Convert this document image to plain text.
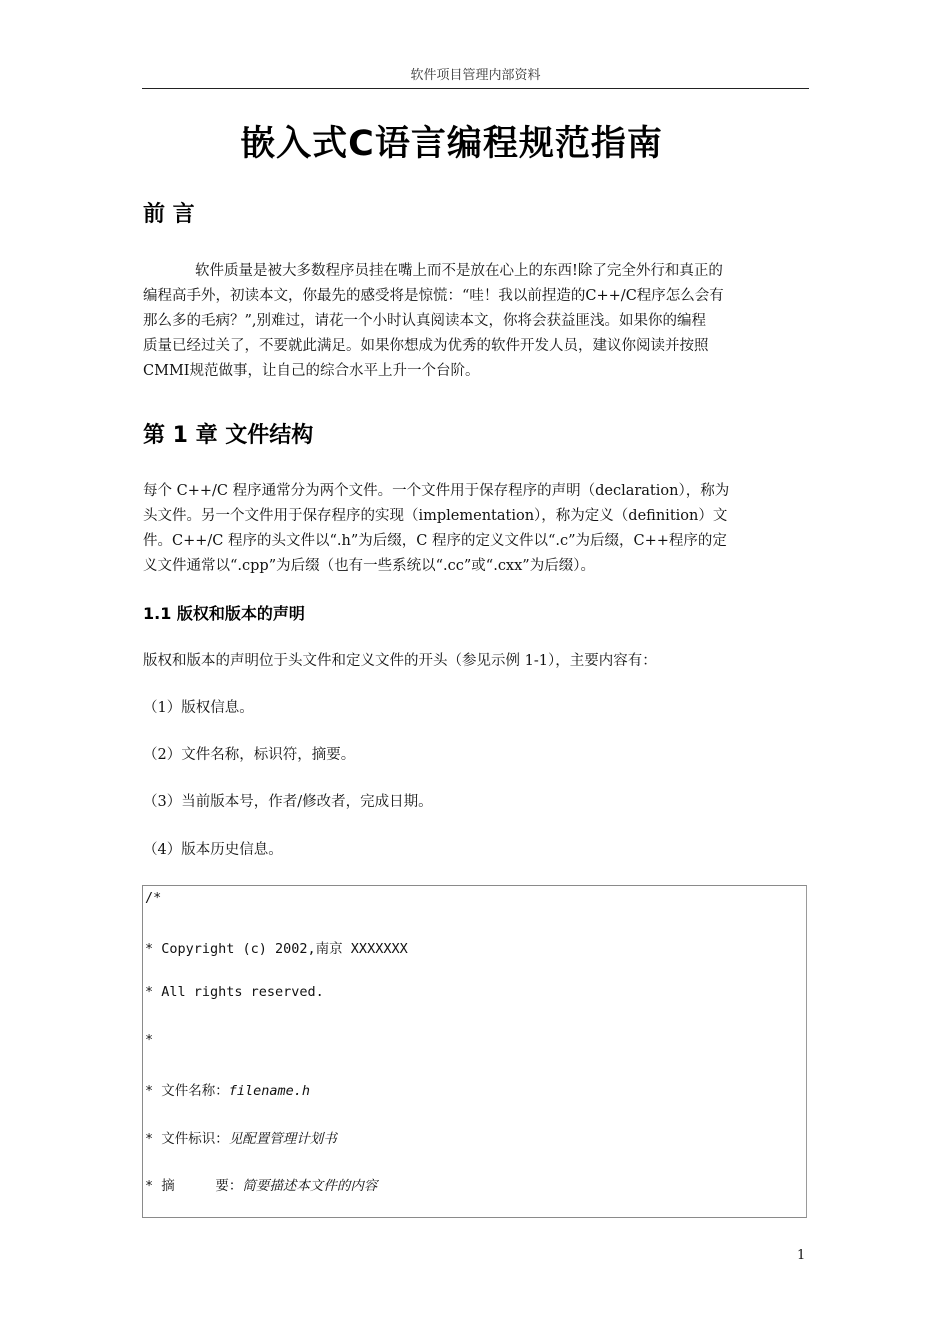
软件项目管理内部资料
嵌入式C语言编程规范指南
前 言
软件质量是被大多数程序员挂在嘴上而不是放在心上的东西!除了完全外行和真正的
编程高手外，初读本文，你最先的感受将是惊慌：“哇！我以前捏造的C++/C程序怎么会有
那么多的毛病？”,别难过，请花一个小时认真阅读本文，你将会获益匪浅。如果你的编程
质量已经过关了，不要就此满足。如果你想成为优秀的软件开发人员，建议你阅读并按照
CMMI规范做事，让自己的综合水平上升一个台阶。
第 1 章 文件结构
每个 C++/C 程序通常分为两个文件。一个文件用于保存程序的声明（declaration），称为
头文件。另一个文件用于保存程序的实现（implementation），称为定义（definition）文
件。C++/C 程序的头文件以“.h”为后缀，C 程序的定义文件以“.c”为后缀，C++程序的定
义文件通常以“.cpp”为后缀（也有一些系统以“.cc”或“.cxx”为后缀）。
1.1 版权和版本的声明
版权和版本的声明位于头文件和定义文件的开头（参见示例 1-1），主要内容有：
（1）版权信息。
（2）文件名称，标识符，摘要。
（3）当前版本号，作者/修改者，完成日期。
（4）版本历史信息。
/*
* Copyright (c) 2002,南京 XXXXXXX
* All rights reserved.
*
* 文件名称：filename.h
* 文件标识：见配置管理计划书
* 摘     要：简要描述本文件的内容
1
